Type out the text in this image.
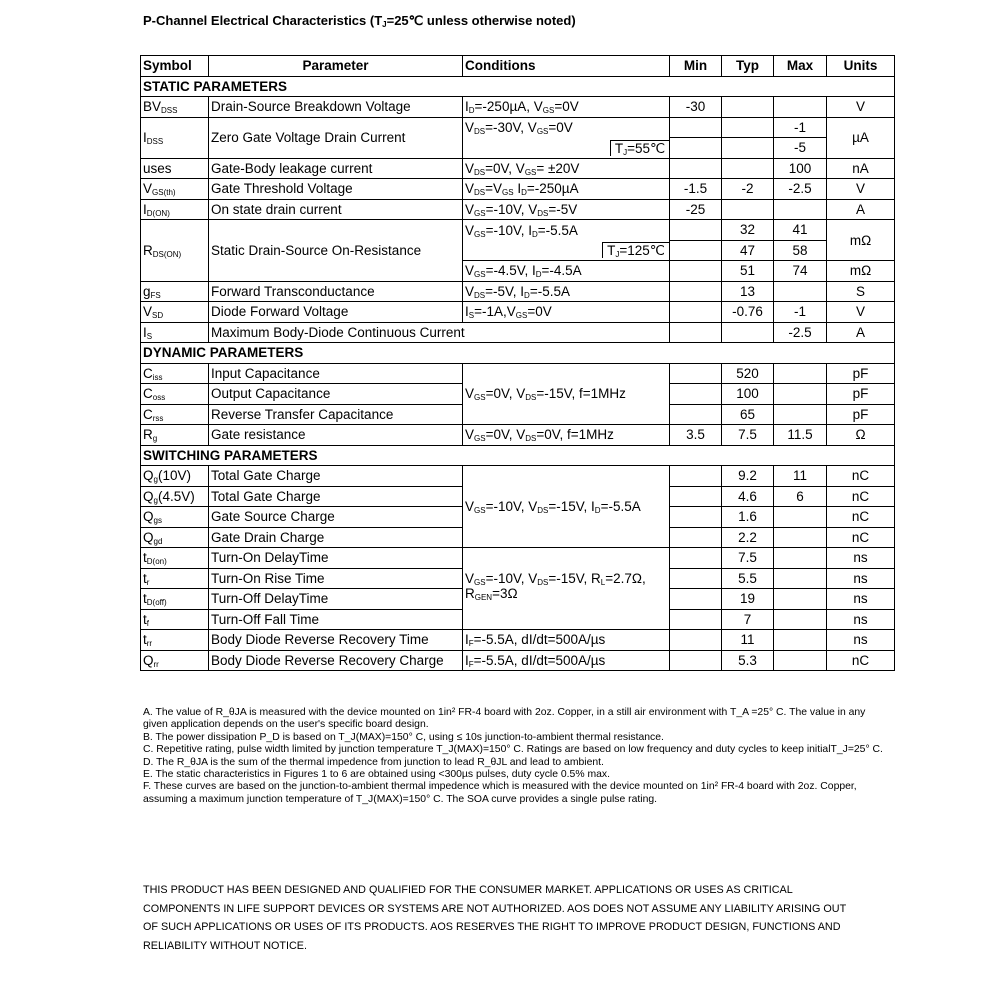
P-Channel Electrical Characteristics ($T_J=25℃$ unless otherwise noted)
Symbol	Parameter	Conditions	Min	Typ	Max	Units
STATIC PARAMETERS						
$BV_{DSS}$	Drain-Source Breakdown Voltage	$I_D=-250\mu A$, $V_{GS}=0V$	-30			V
$I_{DSS}$	Zero Gate Voltage Drain Current	$V_{DS}=-30V$, $V_{GS}=0V$			-1	µA
		$T_J=55℃$			-5	
uses	Gate-Body leakage current	$V_{DS}=0V$, $V_{GS}= \pm 20V$			100	nA
$V_{GS(th)}$	Gate Threshold Voltage	$V_{DS}=V_{GS}$ $I_D=-250\mu A$	-1.5	-2	-2.5	V
$I_{D(ON)}$	On state drain current	$V_{GS}=-10V$, $V_{DS}=-5V$	-25			A
$R_{DS(ON)}$	Static Drain-Source On-Resistance	$V_{GS}=-10V$, $I_D=-5.5A$		32	41	mΩ
		$T_J=125℃$		47	58	
		$V_{GS}=-4.5V$, $I_D=-4.5A$		51	74	mΩ
$g_{FS}$	Forward Transconductance	$V_{DS}=-5V$, $I_D=-5.5A$		13		S
$V_{SD}$	Diode Forward Voltage	$I_S=-1A,V_{GS}=0V$		-0.76	-1	V
$I_S$	Maximum Body-Diode Continuous Current				-2.5	A
DYNAMIC PARAMETERS						
$C_{iss}$	Input Capacitance	$V_{GS}=0V$, $V_{DS}=-15V$, f=1MHz		520		pF
$C_{oss}$	Output Capacitance			100		pF
$C_{rss}$	Reverse Transfer Capacitance			65		pF
$R_g$	Gate resistance	$V_{GS}=0V$, $V_{DS}=0V$, f=1MHz	3.5	7.5	11.5	Ω
SWITCHING PARAMETERS						
$Q_g(10V)$	Total Gate Charge	$V_{GS}=-10V$, $V_{DS}=-15V$, $I_D=-5.5A$		9.2	11	nC
$Q_g(4.5V)$	Total Gate Charge			4.6	6	nC
$Q_{gs}$	Gate Source Charge			1.6		nC
$Q_{gd}$	Gate Drain Charge			2.2		nC
$t_{D(on)}$	Turn-On DelayTime	$V_{GS}=-10V$, $V_{DS}=-15V$, $R_L=2.7\Omega$, $R_{GEN}=3\Omega$		7.5		ns
$t_r$	Turn-On Rise Time			5.5		ns
$t_{D(off)}$	Turn-Off DelayTime			19		ns
$t_f$	Turn-Off Fall Time			7		ns
$t_{rr}$	Body Diode Reverse Recovery Time	$I_F=-5.5A$, dI/dt=500A/µs		11		ns
$Q_{rr}$	Body Diode Reverse Recovery Charge	$I_F=-5.5A$, dI/dt=500A/µs		5.3		nC

A. The value of R_θJA is measured with the device mounted on 1in² FR-4 board with 2oz. Copper, in a still air environment with T_A =25° C. The value in any given application depends on the user's specific board design.

B. The power dissipation P_D is based on T_J(MAX)=150° C, using ≤ 10s junction-to-ambient thermal resistance.

C. Repetitive rating, pulse width limited by junction temperature T_J(MAX)=150° C. Ratings are based on low frequency and duty cycles to keep initialT_J=25° C.

D. The R_θJA is the sum of the thermal impedence from junction to lead R_θJL and lead to ambient.

E. The static characteristics in Figures 1 to 6 are obtained using <300µs pulses, duty cycle 0.5% max.

F. These curves are based on the junction-to-ambient thermal impedence which is measured with the device mounted on 1in² FR-4 board with 2oz. Copper, assuming a maximum junction temperature of T_J(MAX)=150° C. The SOA curve provides a single pulse rating.

THIS PRODUCT HAS BEEN DESIGNED AND QUALIFIED FOR THE CONSUMER MARKET. APPLICATIONS OR USES AS CRITICAL COMPONENTS IN LIFE SUPPORT DEVICES OR SYSTEMS ARE NOT AUTHORIZED. AOS DOES NOT ASSUME ANY LIABILITY ARISING OUT OF SUCH APPLICATIONS OR USES OF ITS PRODUCTS. AOS RESERVES THE RIGHT TO IMPROVE PRODUCT DESIGN, FUNCTIONS AND RELIABILITY WITHOUT NOTICE.
